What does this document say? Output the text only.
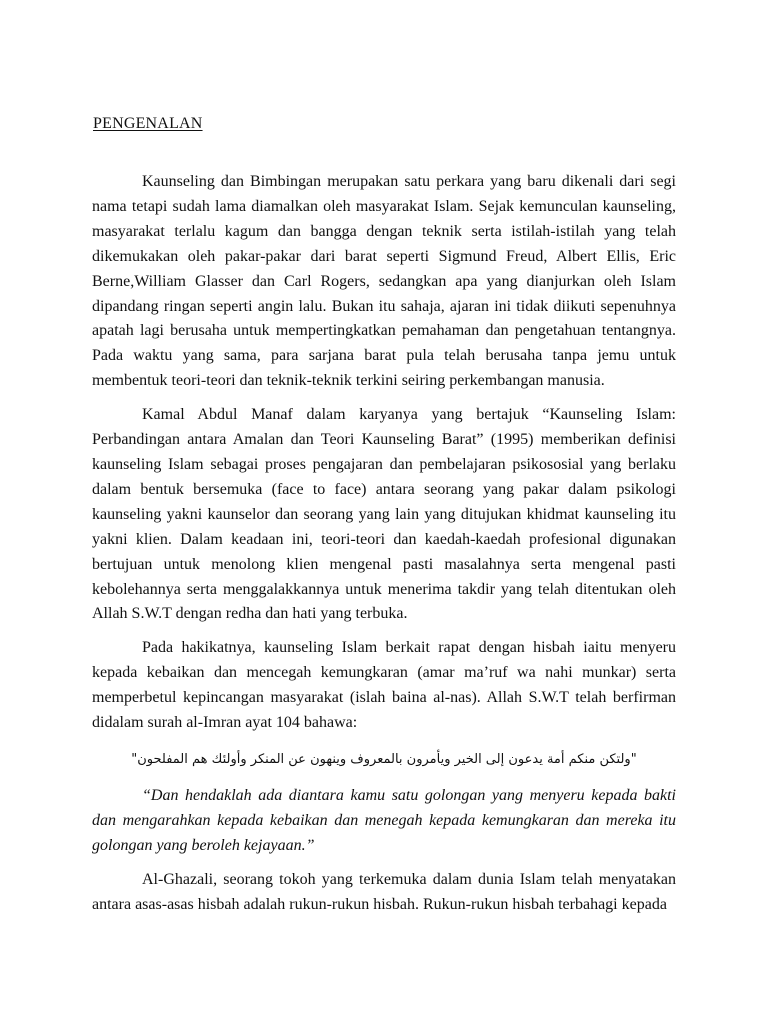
PENGENALAN

Kaunseling dan Bimbingan merupakan satu perkara yang baru dikenali dari segi nama tetapi sudah lama diamalkan oleh masyarakat Islam. Sejak kemunculan kaunseling, masyarakat terlalu kagum dan bangga dengan teknik serta istilah-istilah yang telah dikemukakan oleh pakar-pakar dari barat seperti Sigmund Freud, Albert Ellis, Eric Berne,William Glasser dan Carl Rogers, sedangkan apa yang dianjurkan oleh Islam dipandang ringan seperti angin lalu. Bukan itu sahaja, ajaran ini tidak diikuti sepenuhnya apatah lagi berusaha untuk mempertingkatkan pemahaman dan pengetahuan tentangnya. Pada waktu yang sama, para sarjana barat pula telah berusaha tanpa jemu untuk membentuk teori-teori dan teknik-teknik terkini seiring perkembangan manusia.

Kamal Abdul Manaf dalam karyanya yang bertajuk “Kaunseling Islam: Perbandingan antara Amalan dan Teori Kaunseling Barat” (1995) memberikan definisi kaunseling Islam sebagai proses pengajaran dan pembelajaran psikososial yang berlaku dalam bentuk bersemuka (face to face) antara seorang yang pakar dalam psikologi kaunseling yakni kaunselor dan seorang yang lain yang ditujukan khidmat kaunseling itu yakni klien. Dalam keadaan ini, teori-teori dan kaedah-kaedah profesional digunakan bertujuan untuk menolong klien mengenal pasti masalahnya serta mengenal pasti kebolehannya serta menggalakkannya untuk menerima takdir yang telah ditentukan oleh Allah S.W.T dengan redha dan hati yang terbuka.

Pada hakikatnya, kaunseling Islam berkait rapat dengan hisbah iaitu menyeru kepada kebaikan dan mencegah kemungkaran (amar ma’ruf wa nahi munkar) serta memperbetul kepincangan masyarakat (islah baina al-nas). Allah S.W.T telah berfirman didalam surah al-Imran ayat 104 bahawa:

"ولتكن منكم أمة يدعون إلى الخير ويأمرون بالمعروف وينهون عن المنكر وأولئك هم المفلحون"

“Dan hendaklah ada diantara kamu satu golongan yang menyeru kepada bakti dan mengarahkan kepada kebaikan dan menegah kepada kemungkaran dan mereka itu golongan yang beroleh kejayaan.”

Al-Ghazali, seorang tokoh yang terkemuka dalam dunia Islam telah menyatakan antara asas-asas hisbah adalah rukun-rukun hisbah. Rukun-rukun hisbah terbahagi kepada
